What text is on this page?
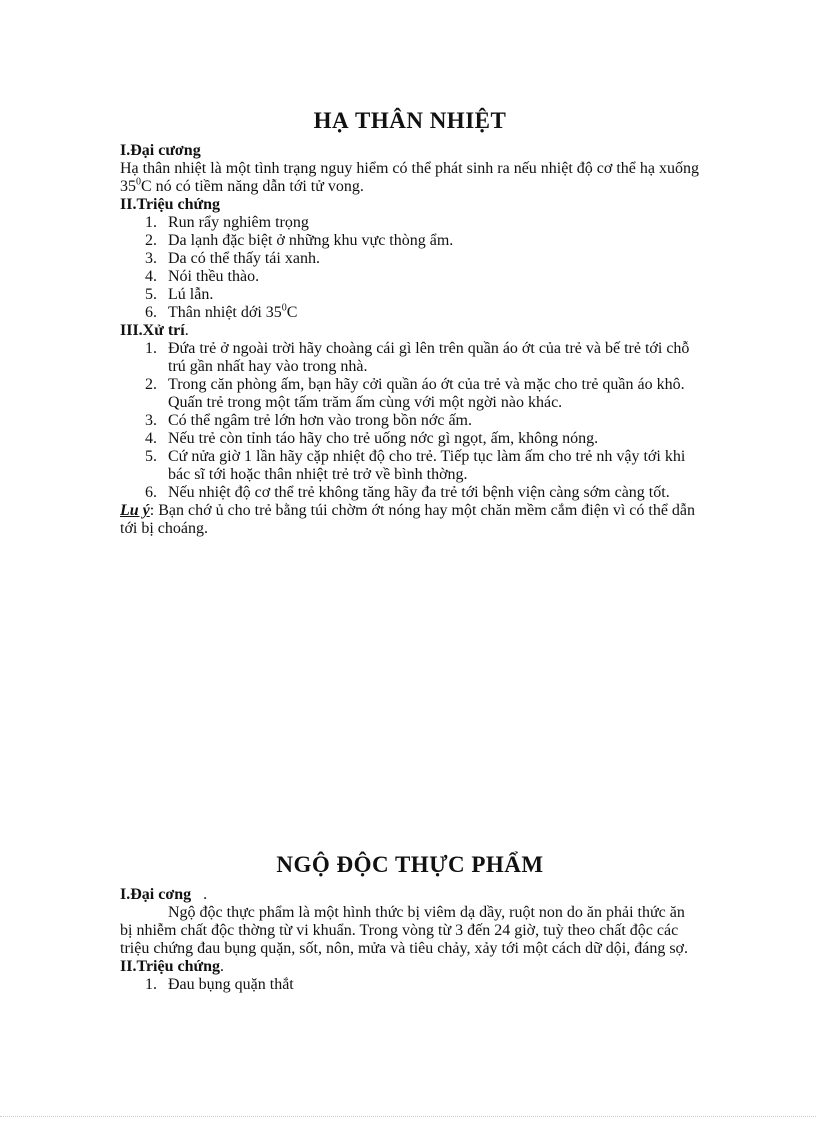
HẠ THÂN NHIỆT
I.Đại cương

Hạ thân nhiệt là một tình trạng nguy hiểm có thể phát sinh ra nếu nhiệt độ cơ thể hạ xuống $35^0C$ nó có tiềm năng dẫn tới tử vong.

II.Triệu chứng
1. Run rẩy nghiêm trọng
2. Da lạnh đặc biệt ở những khu vực thòng ẩm.
3. Da có thể thấy tái xanh.
4. Nói thều thào.
5. Lú lẫn.
6. Thân nhiệt dới $35^0C$
III.Xử trí.
1. Đứa trẻ ở ngoài trời hãy choàng cái gì lên trên quần áo ớt của trẻ và bế trẻ tới chỗ trú gần nhất hay vào trong nhà.
2. Trong căn phòng ấm, bạn hãy cởi quần áo ớt của trẻ và mặc cho trẻ quần áo khô. Quấn trẻ trong một tấm trăm ấm cùng với một ngời nào khác.
3. Có thể ngâm trẻ lớn hơn vào trong bồn nớc ấm.
4. Nếu trẻ còn tỉnh táo hãy cho trẻ uống nớc gì ngọt, ấm, không nóng.
5. Cứ nửa giờ 1 lần hãy cặp nhiệt độ cho trẻ. Tiếp tục làm ấm cho trẻ nh vậy tới khi bác sĩ tới hoặc thân nhiệt trẻ trở về bình thờng.
6. Nếu nhiệt độ cơ thể trẻ không tăng hãy đa trẻ tới bệnh viện càng sớm càng tốt.

Lu ý: Bạn chớ ủ cho trẻ bằng túi chờm ớt nóng hay một chăn mềm cắm điện vì có thể dẫn tới bị choáng.

NGỘ ĐỘC THỰC PHẨM
I.Đại cơng   .

Ngộ độc thực phẩm là một hình thức bị viêm dạ dầy, ruột non do ăn phải thức ăn bị nhiễm chất độc thờng từ vi khuẩn. Trong vòng từ 3 đến 24 giờ, tuỳ theo chất độc các triệu chứng đau bụng quặn, sốt, nôn, mửa và tiêu chảy, xảy tới một cách dữ dội, đáng sợ.

II.Triệu chứng.
1. Đau bụng quặn thắt
